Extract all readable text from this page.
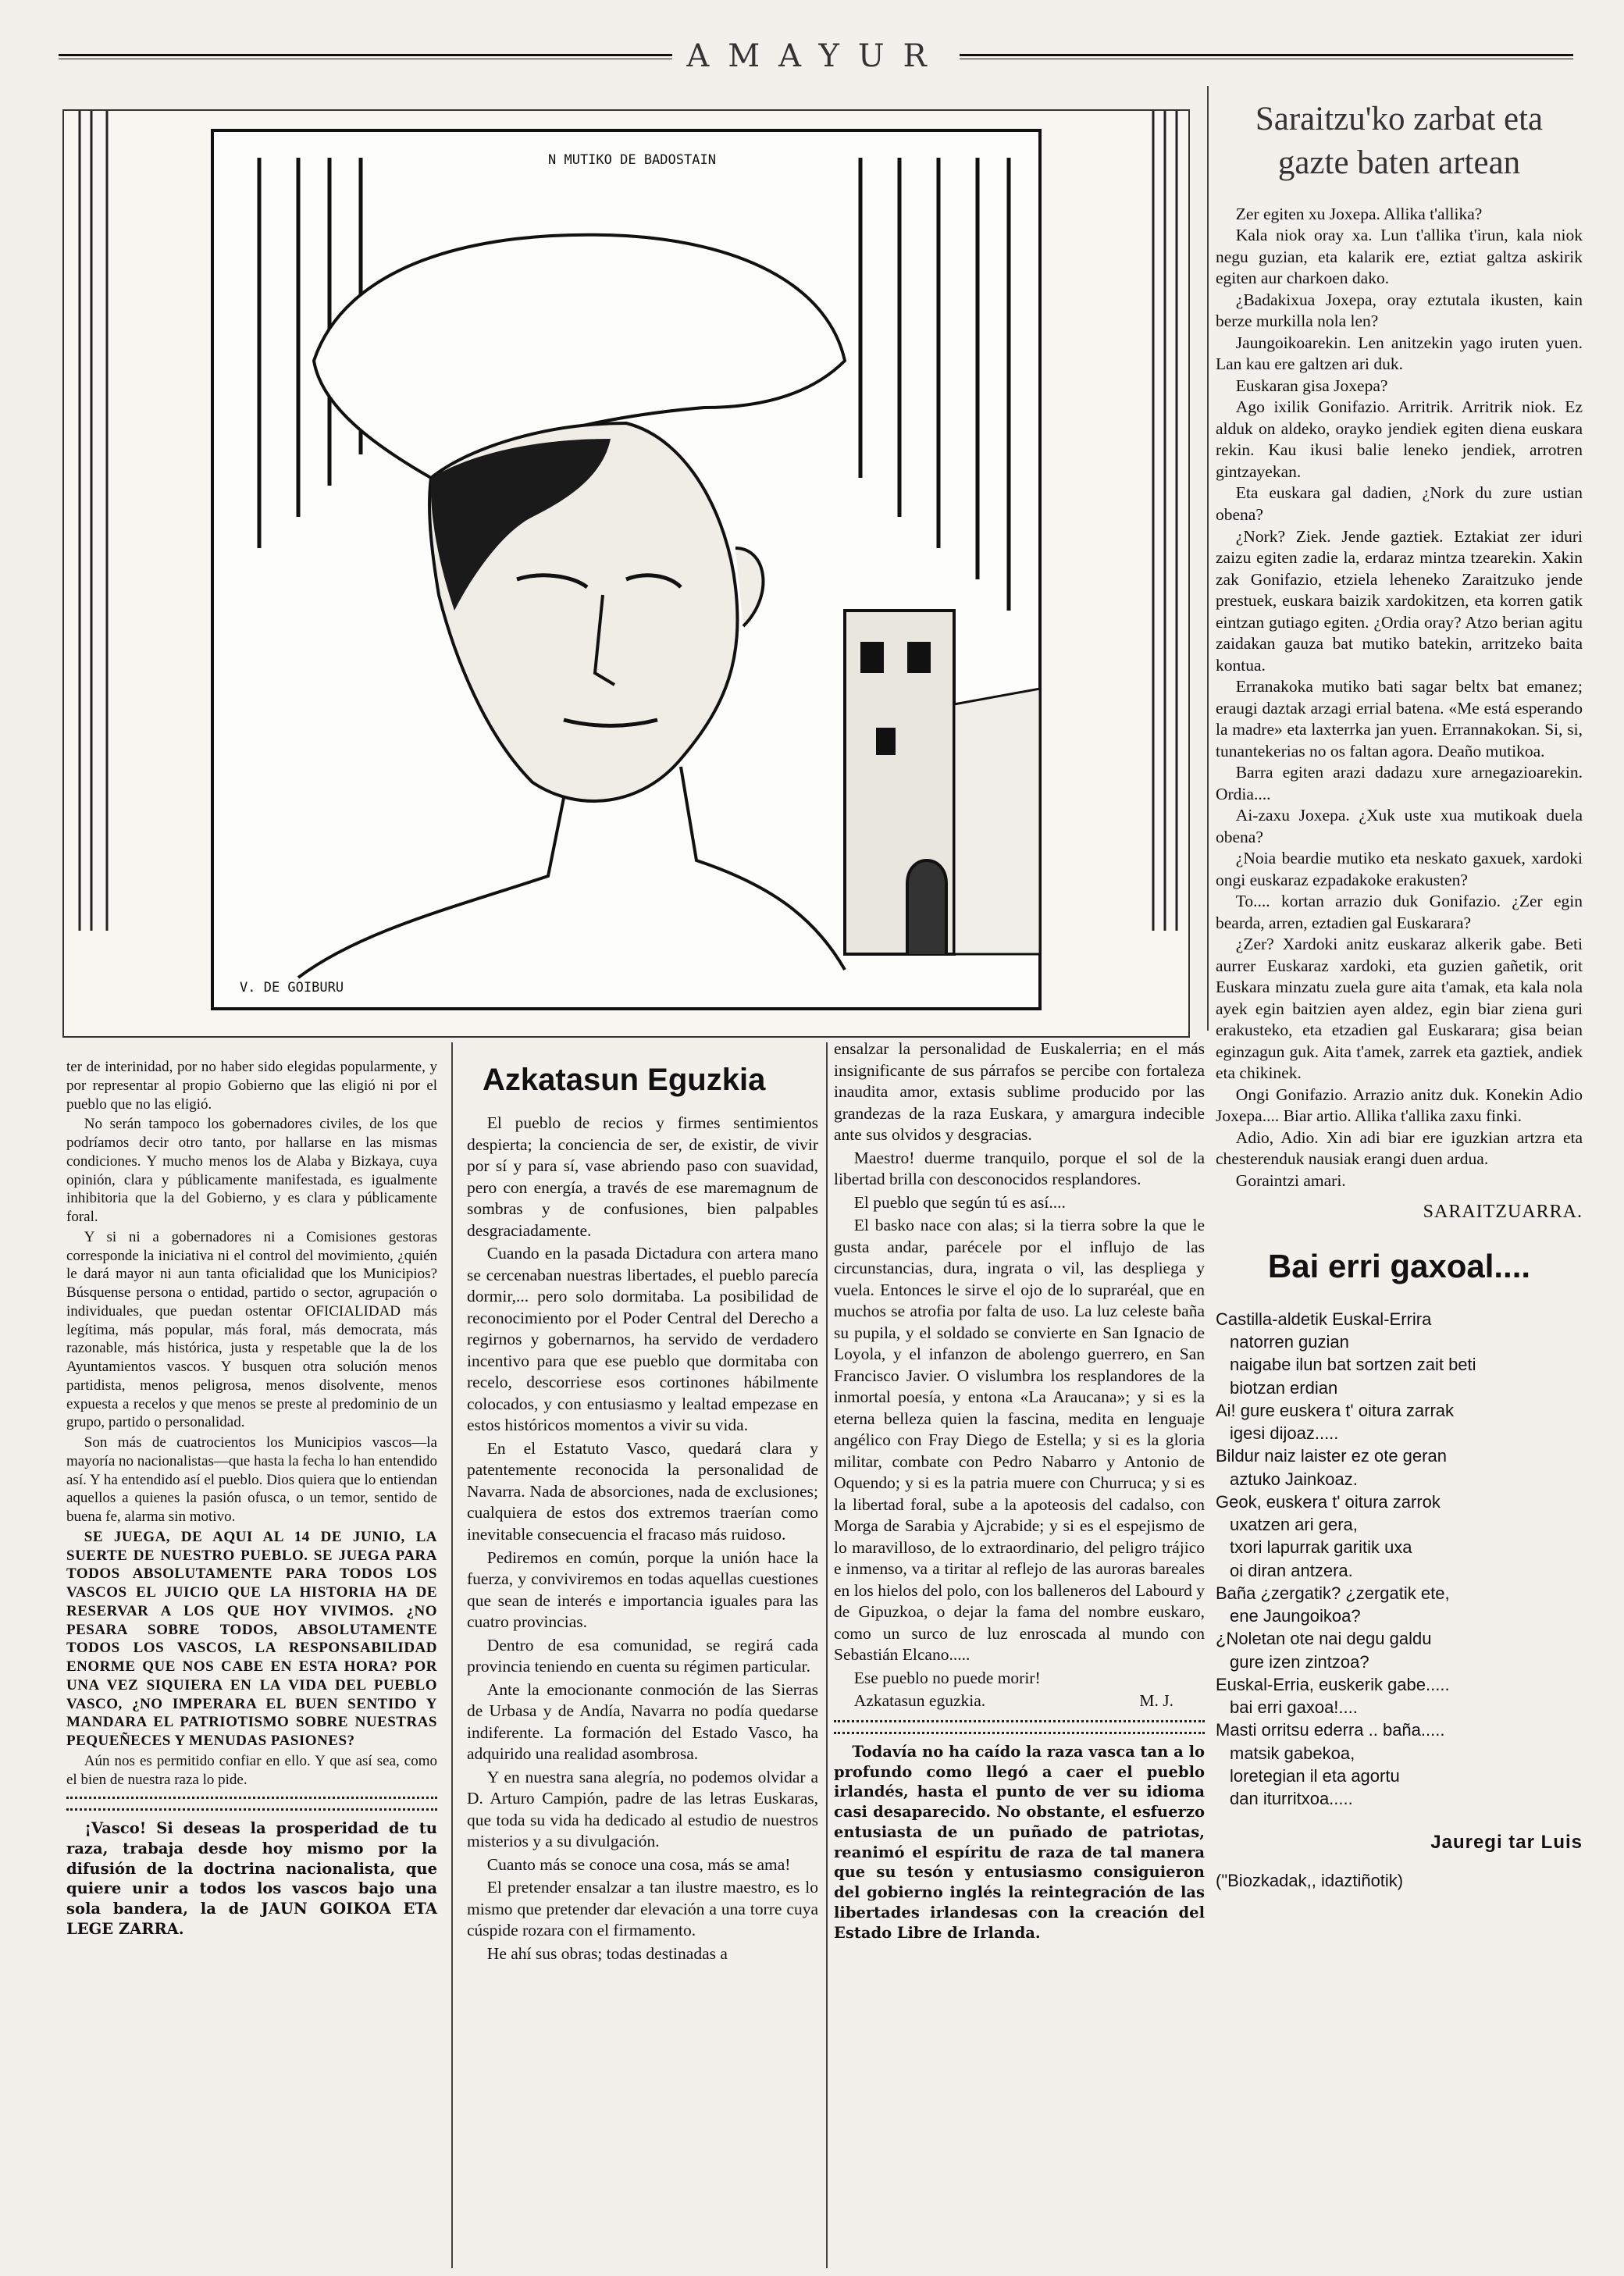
AMAYUR
N MUTIKO DE BADOSTAIN
V. DE GOIBURU

ter de interinidad, por no haber sido elegidas popularmente, y por representar al propio Gobierno que las eligió ni por el pueblo que no las eligió.

No serán tampoco los gobernadores civiles, de los que podríamos decir otro tanto, por hallarse en las mismas condiciones. Y mucho menos los de Alaba y Bizkaya, cuya opinión, clara y públicamente manifestada, es igualmente inhibitoria que la del Gobierno, y es clara y públicamente foral.

Y si ni a gobernadores ni a Comisiones gestoras corresponde la iniciativa ni el control del movimiento, ¿quién le dará mayor ni aun tanta oficialidad que los Municipios? Búsquense persona o entidad, partido o sector, agrupación o individuales, que puedan ostentar OFICIALIDAD más legítima, más popular, más foral, más democrata, más razonable, más histórica, justa y respetable que la de los Ayuntamientos vascos. Y busquen otra solución menos partidista, menos peligrosa, menos disolvente, menos expuesta a recelos y que menos se preste al predominio de un grupo, partido o personalidad.

Son más de cuatrocientos los Municipios vascos—la mayoría no nacionalistas—que hasta la fecha lo han entendido así. Y ha entendido así el pueblo. Dios quiera que lo entiendan aquellos a quienes la pasión ofusca, o un temor, sentido de buena fe, alarma sin motivo.

SE JUEGA, DE AQUI AL 14 DE JUNIO, LA SUERTE DE NUESTRO PUEBLO. SE JUEGA PARA TODOS ABSOLUTAMENTE PARA TODOS LOS VASCOS EL JUICIO QUE LA HISTORIA HA DE RESERVAR A LOS QUE HOY VIVIMOS. ¿NO PESARA SOBRE TODOS, ABSOLUTAMENTE TODOS LOS VASCOS, LA RESPONSABILIDAD ENORME QUE NOS CABE EN ESTA HORA? POR UNA VEZ SIQUIERA EN LA VIDA DEL PUEBLO VASCO, ¿NO IMPERARA EL BUEN SENTIDO Y MANDARA EL PATRIOTISMO SOBRE NUESTRAS PEQUEÑECES Y MENUDAS PASIONES?

Aún nos es permitido confiar en ello. Y que así sea, como el bien de nuestra raza lo pide.

¡Vasco! Si deseas la prosperidad de tu raza, trabaja desde hoy mismo por la difusión de la doctrina nacionalista, que quiere unir a todos los vascos bajo una sola bandera, la de JAUN GOIKOA ETA LEGE ZARRA.

Azkatasun Eguzkia

El pueblo de recios y firmes sentimientos despierta; la conciencia de ser, de existir, de vivir por sí y para sí, vase abriendo paso con suavidad, pero con energía, a través de ese maremagnum de sombras y de confusiones, bien palpables desgraciadamente.

Cuando en la pasada Dictadura con artera mano se cercenaban nuestras libertades, el pueblo parecía dormir,... pero solo dormitaba. La posibilidad de reconocimiento por el Poder Central del Derecho a regirnos y gobernarnos, ha servido de verdadero incentivo para que ese pueblo que dormitaba con recelo, descorriese esos cortinones hábilmente colocados, y con entusiasmo y lealtad empezase en estos históricos momentos a vivir su vida.

En el Estatuto Vasco, quedará clara y patentemente reconocida la personalidad de Navarra. Nada de absorciones, nada de exclusiones; cualquiera de estos dos extremos traerían como inevitable consecuencia el fracaso más ruidoso.

Pediremos en común, porque la unión hace la fuerza, y conviviremos en todas aquellas cuestiones que sean de interés e importancia iguales para las cuatro provincias.

Dentro de esa comunidad, se regirá cada provincia teniendo en cuenta su régimen particular.

Ante la emocionante conmoción de las Sierras de Urbasa y de Andía, Navarra no podía quedarse indiferente. La formación del Estado Vasco, ha adquirido una realidad asombrosa.

Y en nuestra sana alegría, no podemos olvidar a D. Arturo Campión, padre de las letras Euskaras, que toda su vida ha dedicado al estudio de nuestros misterios y a su divulgación.

Cuanto más se conoce una cosa, más se ama!

El pretender ensalzar a tan ilustre maestro, es lo mismo que pretender dar elevación a una torre cuya cúspide rozara con el firmamento.

He ahí sus obras; todas destinadas a

ensalzar la personalidad de Euskalerria; en el más insignificante de sus párrafos se percibe con fortaleza inaudita amor, extasis sublime producido por las grandezas de la raza Euskara, y amargura indecible ante sus olvidos y desgracias.

Maestro! duerme tranquilo, porque el sol de la libertad brilla con desconocidos resplandores.

El pueblo que según tú es así....

El basko nace con alas; si la tierra sobre la que le gusta andar, parécele por el influjo de las circunstancias, dura, ingrata o vil, las despliega y vuela. Entonces le sirve el ojo de lo supraréal, que en muchos se atrofia por falta de uso. La luz celeste baña su pupila, y el soldado se convierte en San Ignacio de Loyola, y el infanzon de abolengo guerrero, en San Francisco Javier. O vislumbra los resplandores de la inmortal poesía, y entona «La Araucana»; y si es la eterna belleza quien la fascina, medita en lenguaje angélico con Fray Diego de Estella; y si es la gloria militar, combate con Pedro Nabarro y Antonio de Oquendo; y si es la patria muere con Churruca; y si es la libertad foral, sube a la apoteosis del cadalso, con Morga de Sarabia y Ajcrabide; y si es el espejismo de lo maravilloso, de lo extraordinario, del peligro trájico e inmenso, va a tiritar al reflejo de las auroras bareales en los hielos del polo, con los balleneros del Labourd y de Gipuzkoa, o dejar la fama del nombre euskaro, como un surco de luz enroscada al mundo con Sebastián Elcano.....

Ese pueblo no puede morir!

Azkatasun eguzkia.	M. J.

Todavía no ha caído la raza vasca tan a lo profundo como llegó a caer el pueblo irlandés, hasta el punto de ver su idioma casi desaparecido. No obstante, el esfuerzo entusiasta de un puñado de patriotas, reanimó el espíritu de raza de tal manera que su tesón y entusiasmo consiguieron del gobierno inglés la reintegración de las libertades irlandesas con la creación del Estado Libre de Irlanda.

Saraitzu'ko zarbat eta
gazte baten artean

Zer egiten xu Joxepa. Allika t'allika?

Kala niok oray xa. Lun t'allika t'irun, kala niok negu guzian, eta kalarik ere, eztiat galtza askirik egiten aur charkoen dako.

¿Badakixua Joxepa, oray eztutala ikusten, kain berze murkilla nola len?

Jaungoikoarekin. Len anitzekin yago iruten yuen. Lan kau ere galtzen ari duk.

Euskaran gisa Joxepa?

Ago ixilik Gonifazio. Arritrik. Arritrik niok. Ez alduk on aldeko, orayko jendiek egiten diena euskara rekin. Kau ikusi balie leneko jendiek, arrotren gintzayekan.

Eta euskara gal dadien, ¿Nork du zure ustian obena?

¿Nork? Ziek. Jende gaztiek. Eztakiat zer iduri zaizu egiten zadie la, erdaraz mintza tzearekin. Xakin zak Gonifazio, etziela leheneko Zaraitzuko jende prestuek, euskara baizik xardokitzen, eta korren gatik eintzan gutiago egiten. ¿Ordia oray? Atzo berian agitu zaidakan gauza bat mutiko batekin, arritzeko baita kontua.

Erranakoka mutiko bati sagar beltx bat emanez; eraugi daztak arzagi errial batena. «Me está esperando la madre» eta laxterrka jan yuen. Errannakokan. Si, si, tunantekerias no os faltan agora. Deaño mutikoa.

Barra egiten arazi dadazu xure arnegazioarekin. Ordia....

Ai-zaxu Joxepa. ¿Xuk uste xua mutikoak duela obena?

¿Noia beardie mutiko eta neskato gaxuek, xardoki ongi euskaraz ezpadakoke erakusten?

To.... kortan arrazio duk Gonifazio. ¿Zer egin bearda, arren, eztadien gal Euskarara?

¿Zer? Xardoki anitz euskaraz alkerik gabe. Beti aurrer Euskaraz xardoki, eta guzien gañetik, orit Euskara minzatu zuela gure aita t'amak, eta kala nola ayek egin baitzien ayen aldez, egin biar ziena guri erakusteko, eta etzadien gal Euskarara; gisa beian eginzagun guk. Aita t'amek, zarrek eta gaztiek, andiek eta chikinek.

Ongi Gonifazio. Arrazio anitz duk. Konekin Adio Joxepa.... Biar artio. Allika t'allika zaxu finki.

Adio, Adio. Xin adi biar ere iguzkian artzra eta chesterenduk nausiak erangi duen ardua.

Goraintzi amari.

SARAITZUARRA.

Bai erri gaxoal....

Castilla-aldetik Euskal-Errira

natorren guzian

naigabe ilun bat sortzen zait beti

biotzan erdian

Ai! gure euskera t' oitura zarrak

igesi dijoaz.....

Bildur naiz laister ez ote geran

aztuko Jainkoaz.

Geok, euskera t' oitura zarrok

uxatzen ari gera,

txori lapurrak garitik uxa

oi diran antzera.

Baña ¿zergatik? ¿zergatik ete,

ene Jaungoikoa?

¿Noletan ote nai degu galdu

gure izen zintzoa?

Euskal-Erria, euskerik gabe.....

bai erri gaxoa!....

Masti orritsu ederra .. baña.....

matsik gabekoa,

loretegian il eta agortu

dan iturritxoa.....

Jauregi tar Luis

("Biozkadak,, idaztiñotik)
